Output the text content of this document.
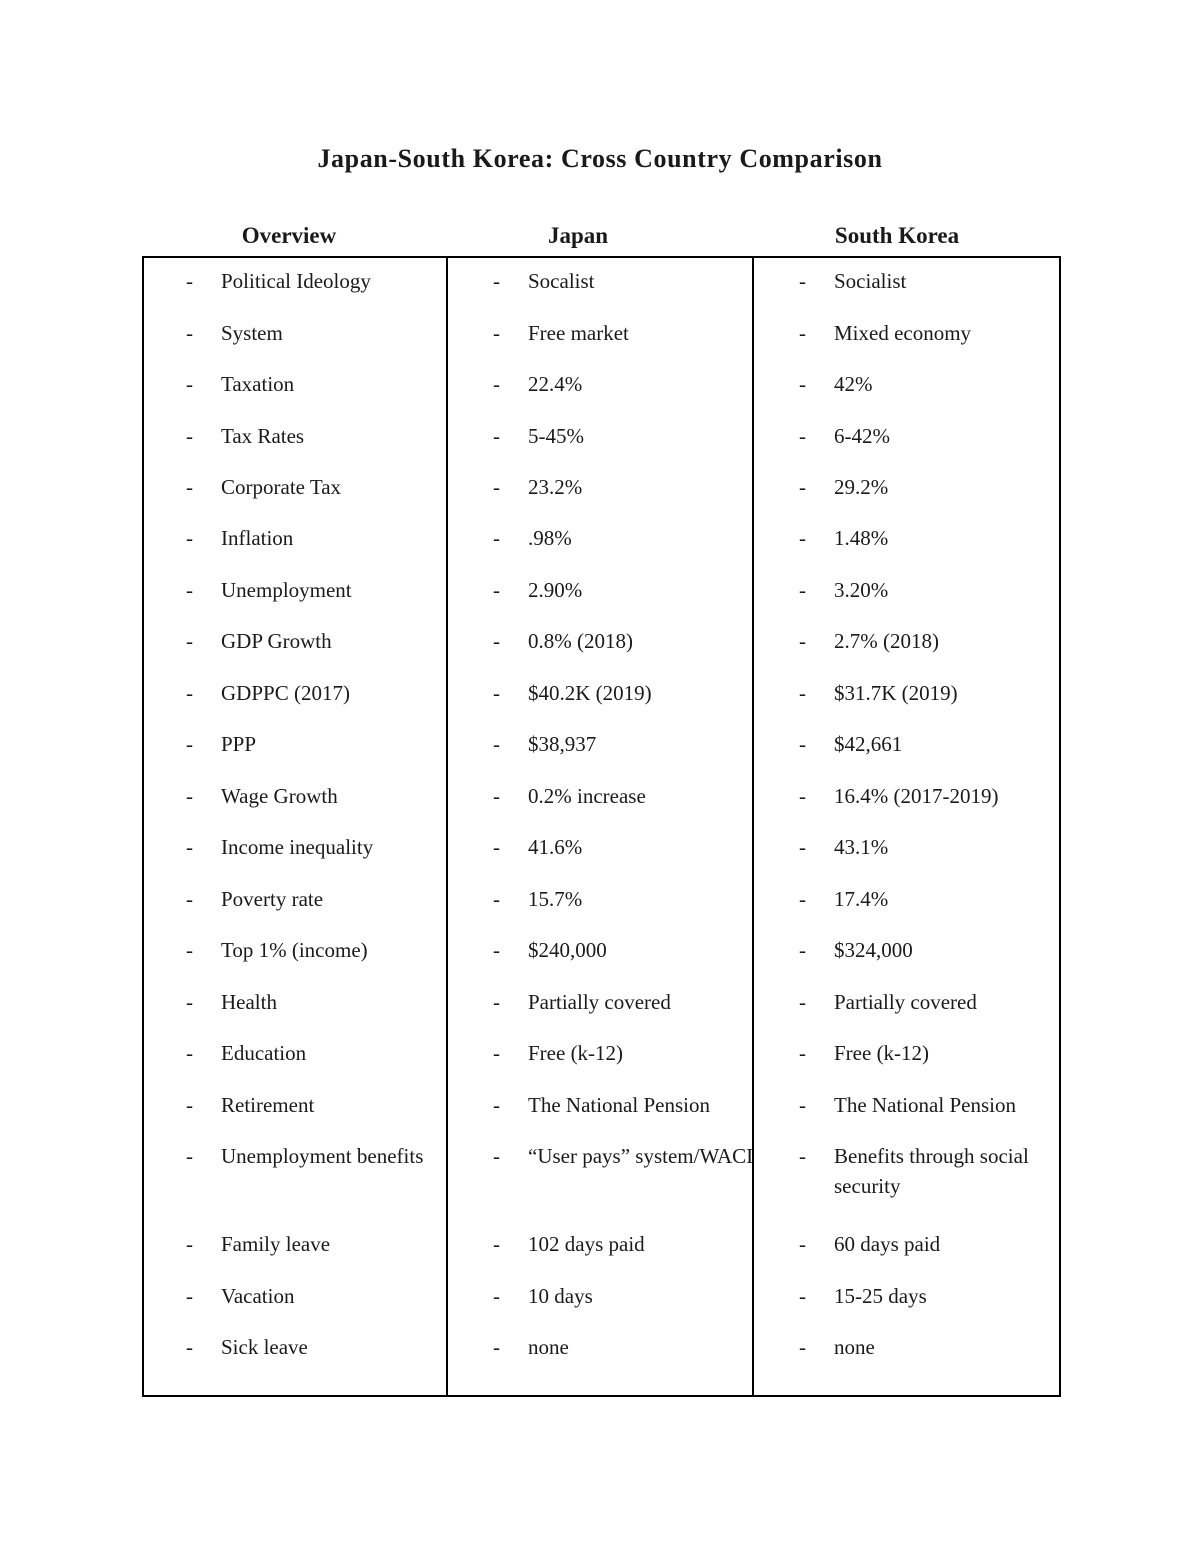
Japan-South Korea: Cross Country Comparison
Overview	Japan	South Korea
- Political Ideology
- System
- Taxation
- Tax Rates
- Corporate Tax
- Inflation
- Unemployment
- GDP Growth
- GDPPC (2017)
- PPP
- Wage Growth
- Income inequality
- Poverty rate
- Top 1% (income)
- Health
- Education
- Retirement
- Unemployment benefits
- Family leave
- Vacation
- Sick leave
- Socalist
- Free market
- 22.4%
- 5-45%
- 23.2%
- .98%
- 2.90%
- 0.8% (2018)
- $40.2K (2019)
- $38,937
- 0.2% increase
- 41.6%
- 15.7%
- $240,000
- Partially covered
- Free (k-12)
- The National Pension
- “User pays” system/WACI
- 102 days paid
- 10 days
- none
- Socialist
- Mixed economy
- 42%
- 6-42%
- 29.2%
- 1.48%
- 3.20%
- 2.7% (2018)
- $31.7K (2019)
- $42,661
- 16.4% (2017-2019)
- 43.1%
- 17.4%
- $324,000
- Partially covered
- Free (k-12)
- The National Pension
- Benefits through social security
- 60 days paid
- 15-25 days
- none
